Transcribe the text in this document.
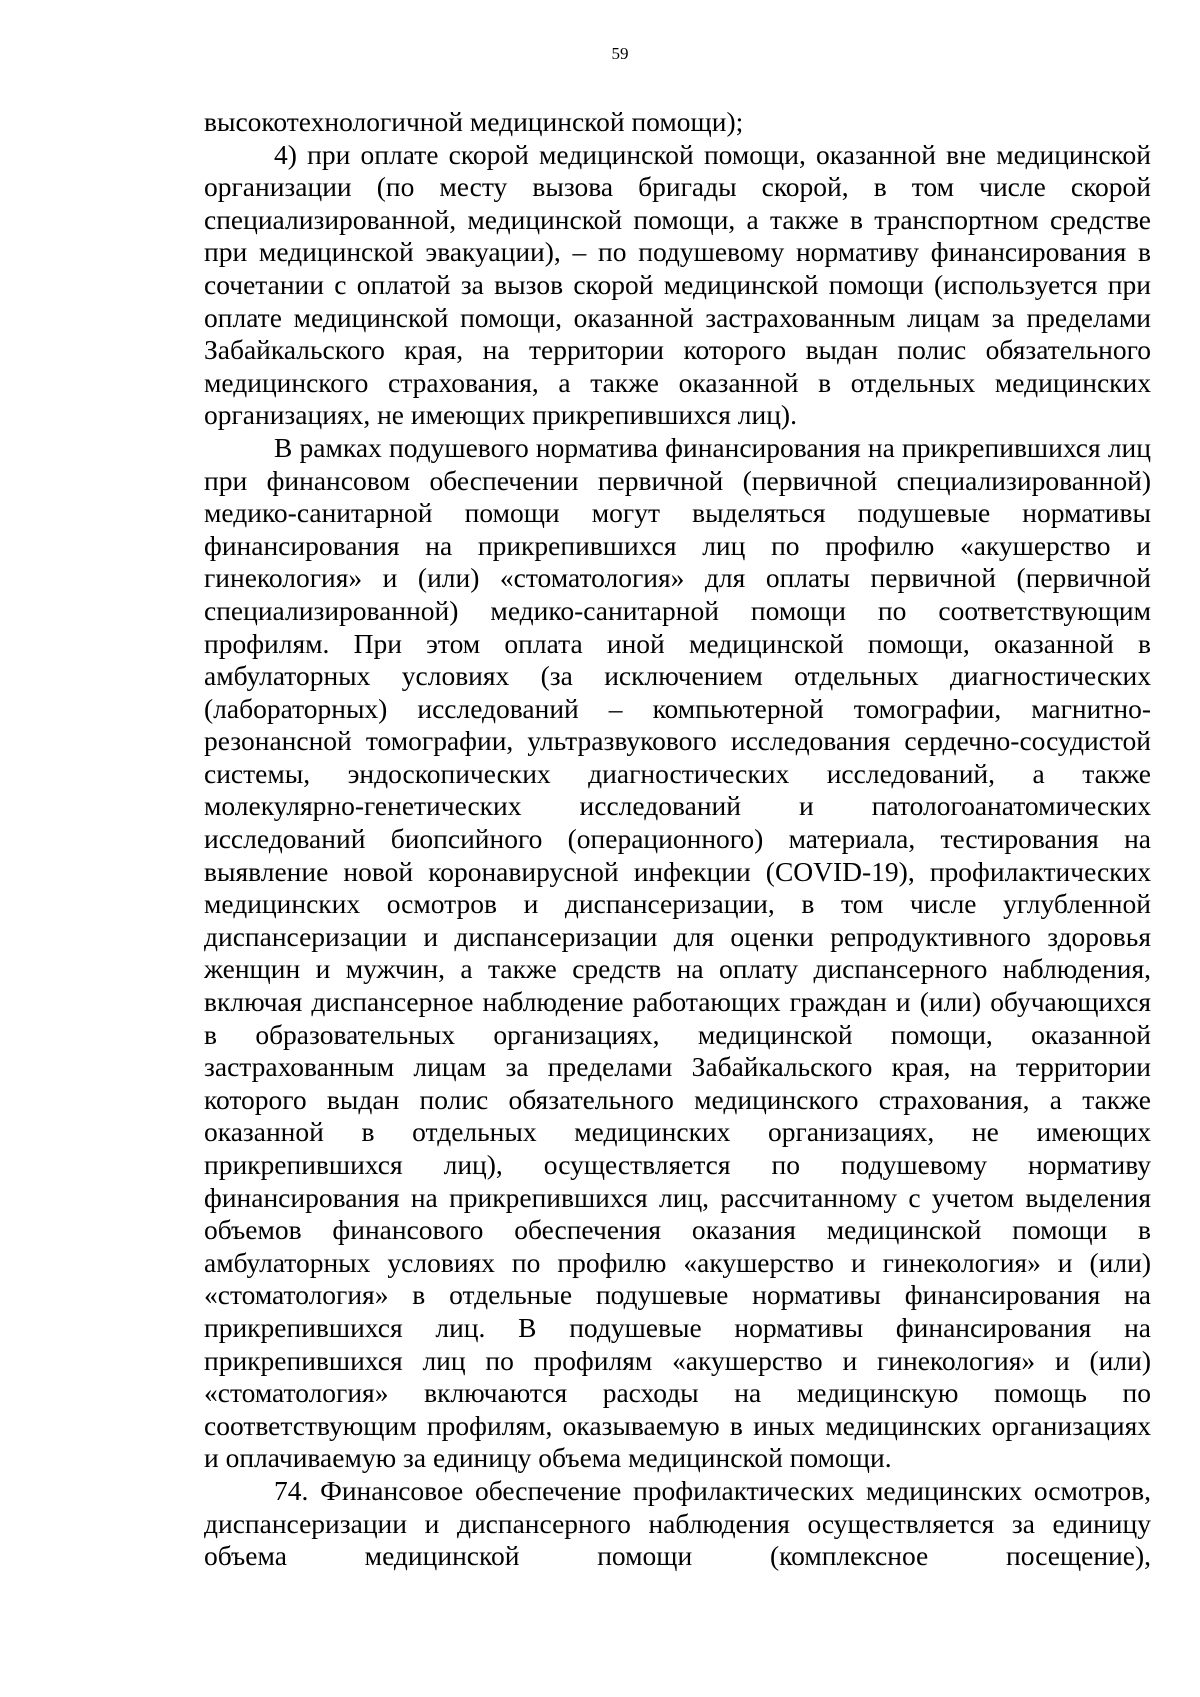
59

высокотехнологичной медицинской помощи);

4) при оплате скорой медицинской помощи, оказанной вне медицинской организации (по месту вызова бригады скорой, в том числе скорой специализированной, медицинской помощи, а также в транспортном средстве при медицинской эвакуации), – по подушевому нормативу финансирования в сочетании с оплатой за вызов скорой медицинской помощи (используется при оплате медицинской помощи, оказанной застрахованным лицам за пределами Забайкальского края, на территории которого выдан полис обязательного медицинского страхования, а также оказанной в отдельных медицинских организациях, не имеющих прикрепившихся лиц).

В рамках подушевого норматива финансирования на прикрепившихся лиц при финансовом обеспечении первичной (первичной специализированной) медико-санитарной помощи могут выделяться подушевые нормативы финансирования на прикрепившихся лиц по профилю «акушерство и гинекология» и (или) «стоматология» для оплаты первичной (первичной специализированной) медико-санитарной помощи по соответствующим профилям. При этом оплата иной медицинской помощи, оказанной в амбулаторных условиях (за исключением отдельных диагностических (лабораторных) исследований – компьютерной томографии, магнитно-резонансной томографии, ультразвукового исследования сердечно-сосудистой системы, эндоскопических диагностических исследований, а также молекулярно-генетических исследований и патологоанатомических исследований биопсийного (операционного) материала, тестирования на выявление новой коронавирусной инфекции (COVID-19), профилактических медицинских осмотров и диспансеризации, в том числе углубленной диспансеризации и диспансеризации для оценки репродуктивного здоровья женщин и мужчин, а также средств на оплату диспансерного наблюдения, включая диспансерное наблюдение работающих граждан и (или) обучающихся в образовательных организациях, медицинской помощи, оказанной застрахованным лицам за пределами Забайкальского края, на территории которого выдан полис обязательного медицинского страхования, а также оказанной в отдельных медицинских организациях, не имеющих прикрепившихся лиц), осуществляется по подушевому нормативу финансирования на прикрепившихся лиц, рассчитанному с учетом выделения объемов финансового обеспечения оказания медицинской помощи в амбулаторных условиях по профилю «акушерство и гинекология» и (или) «стоматология» в отдельные подушевые нормативы финансирования на прикрепившихся лиц. В подушевые нормативы финансирования на прикрепившихся лиц по профилям «акушерство и гинекология» и (или) «стоматология» включаются расходы на медицинскую помощь по соответствующим профилям, оказываемую в иных медицинских организациях и оплачиваемую за единицу объема медицинской помощи.

74. Финансовое обеспечение профилактических медицинских осмотров, диспансеризации и диспансерного наблюдения осуществляется за единицу объема медицинской помощи (комплексное посещение),
